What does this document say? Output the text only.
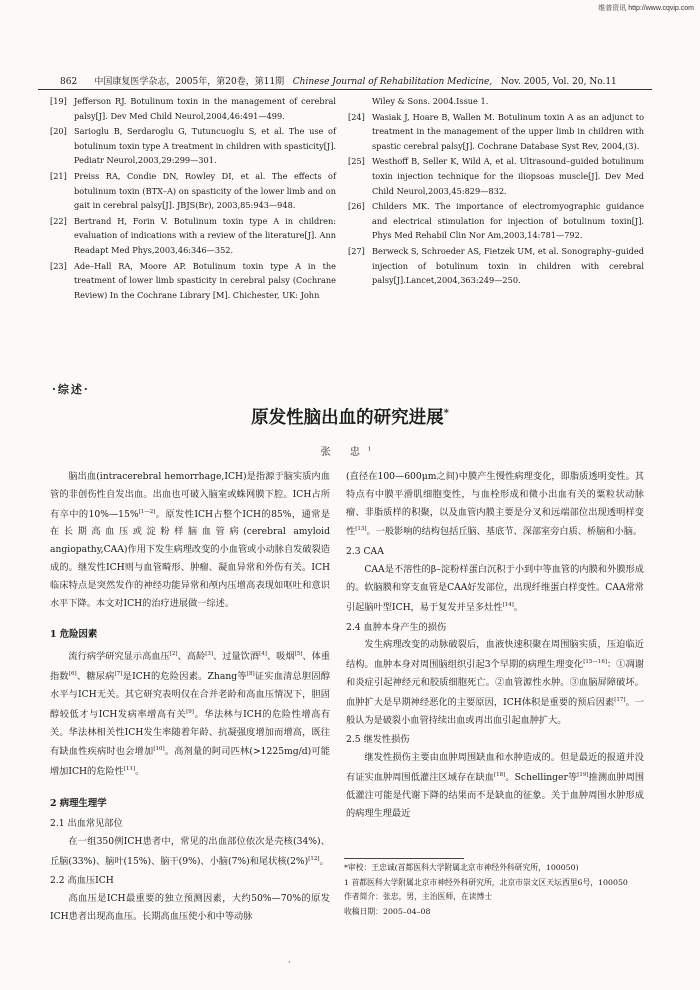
维普资讯 http://www.cqvip.com
862 中国康复医学杂志，2005年，第20卷，第11期 Chinese Journal of Rehabilitation Medicine, Nov. 2005, Vol. 20, No.11
[19] Jefferson RJ. Botulinum toxin in the management of cerebral palsy[J]. Dev Med Child Neurol,2004,46:491—499.
[20] Sarioglu B, Serdaroglu G, Tutuncuoglu S, et al. The use of botulinum toxin type A treatment in children with spasticity[J]. Pediatr Neurol,2003,29:299—301.
[21] Preiss RA, Condie DN, Rowley DI, et al. The effects of botulinum toxin (BTX–A) on spasticity of the lower limb and on gait in cerebral palsy[J]. JBJS(Br), 2003,85:943—948.
[22] Bertrand H, Forin V. Botulinum toxin type A in children: evaluation of indications with a review of the literature[J]. Ann Readapt Med Phys,2003,46:346—352.
[23] Ade–Hall RA, Moore AP. Botulinum toxin type A in the treatment of lower limb spasticity in cerebral palsy (Cochrane Review) In the Cochrane Library [M]. Chichester, UK: John
Wiley & Sons. 2004.Issue 1.
[24] Wasiak J, Hoare B, Wallen M. Botulinum toxin A as an adjunct to treatment in the management of the upper limb in children with spastic cerebral palsy[J]. Cochrane Database Syst Rev, 2004,(3).
[25] Westhoff B, Seller K, Wild A, et al. Ultrasound–guided botulinum toxin injection technique for the iliopsoas muscle[J]. Dev Med Child Neurol,2003,45:829—832.
[26] Childers MK. The importance of electromyographic guidance and electrical stimulation for injection of botulinum toxin[J]. Phys Med Rehabil Clin Nor Am,2003,14:781—792.
[27] Berweck S, Schroeder AS, Fietzek UM, et al. Sonography–guided injection of botulinum toxin in children with cerebral palsy[J].Lancet,2004,363:249—250.
·综述·
原发性脑出血的研究进展*
张 忠$^1$

脑出血(intracerebral hemorrhage,ICH)是指源于脑实质内血管的非创伤性自发出血。出血也可破入脑室或蛛网膜下腔。ICH占所有卒中的10%—15%[1—2]。原发性ICH占整个ICH的85%，通常是在长期高血压或淀粉样脑血管病(cerebral amyloid angiopathy,CAA)作用下发生病理改变的小血管或小动脉自发破裂造成的。继发性ICH则与血管畸形、肿瘤、凝血异常和外伤有关。ICH临床特点是突然发作的神经功能异常和颅内压增高表现如呕吐和意识水平下降。本文对ICH的治疗进展做一综述。

1 危险因素

流行病学研究显示高血压[2]、高龄[3]、过量饮酒[4]、吸烟[5]、体重指数[6]、糖尿病[7]是ICH的危险因素。Zhang等[8]证实血清总胆固醇水平与ICH无关。其它研究表明仅在合并老龄和高血压情况下，胆固醇较低才与ICH发病率增高有关[9]。华法林与ICH的危险性增高有关。华法林相关性ICH发生率随着年龄、抗凝强度增加而增高，既往有缺血性疾病时也会增加[10]。高剂量的阿司匹林(>1225mg/d)可能增加ICH的危险性[11]。

2 病理生理学
2.1 出血常见部位

在一组350例ICH患者中，常见的出血部位依次是壳核(34%)、丘脑(33%)、脑叶(15%)、脑干(9%)、小脑(7%)和尾状核(2%)[12]。

2.2 高血压ICH

高血压是ICH最重要的独立预测因素，大约50%—70%的原发ICH患者出现高血压。长期高血压使小和中等动脉

(直径在100—600μm之间)中膜产生慢性病理变化，即脂质透明变性。其特点有中膜平滑肌细胞变性，与血栓形成和微小出血有关的粟粒状动脉瘤、非脂质样的积聚，以及血管内膜主要是分叉和远端部位出现透明样变性[13]。一般影响的结构包括丘脑、基底节、深部室旁白质、桥脑和小脑。

2.3 CAA

CAA是不溶性的β–淀粉样蛋白沉积于小到中等血管的内膜和外膜形成的。软脑膜和穿支血管是CAA好发部位，出现纤维蛋白样变性。CAA常常引起脑叶型ICH，易于复发并呈多灶性[14]。

2.4 血肿本身产生的损伤

发生病理改变的动脉破裂后，血液快速积聚在周围脑实质，压迫临近结构。血肿本身对周围脑组织引起3个早期的病理生理变化[15—16]：①凋谢和炎症引起神经元和胶质细胞死亡。②血管源性水肿。③血脑屏障破坏。血肿扩大是早期神经恶化的主要原因，ICH体积是重要的预后因素[17]。一般认为是破裂小血管持续出血或再出血引起血肿扩大。

2.5 继发性损伤

继发性损伤主要由血肿周围缺血和水肿造成的。但是最近的报道并没有证实血肿周围低灌注区域存在缺血[18]。Schellinger等[19]推测血肿周围低灌注可能是代谢下降的结果而不是缺血的征象。关于血肿周围水肿形成的病理生理最近

*审校：王忠诚(首都医科大学附属北京市神经外科研究所，100050)
1 首都医科大学附属北京市神经外科研究所，北京市崇文区天坛西里6号，100050
作者简介：张忠，男，主治医师，在读博士
收稿日期：2005–04–08
·
